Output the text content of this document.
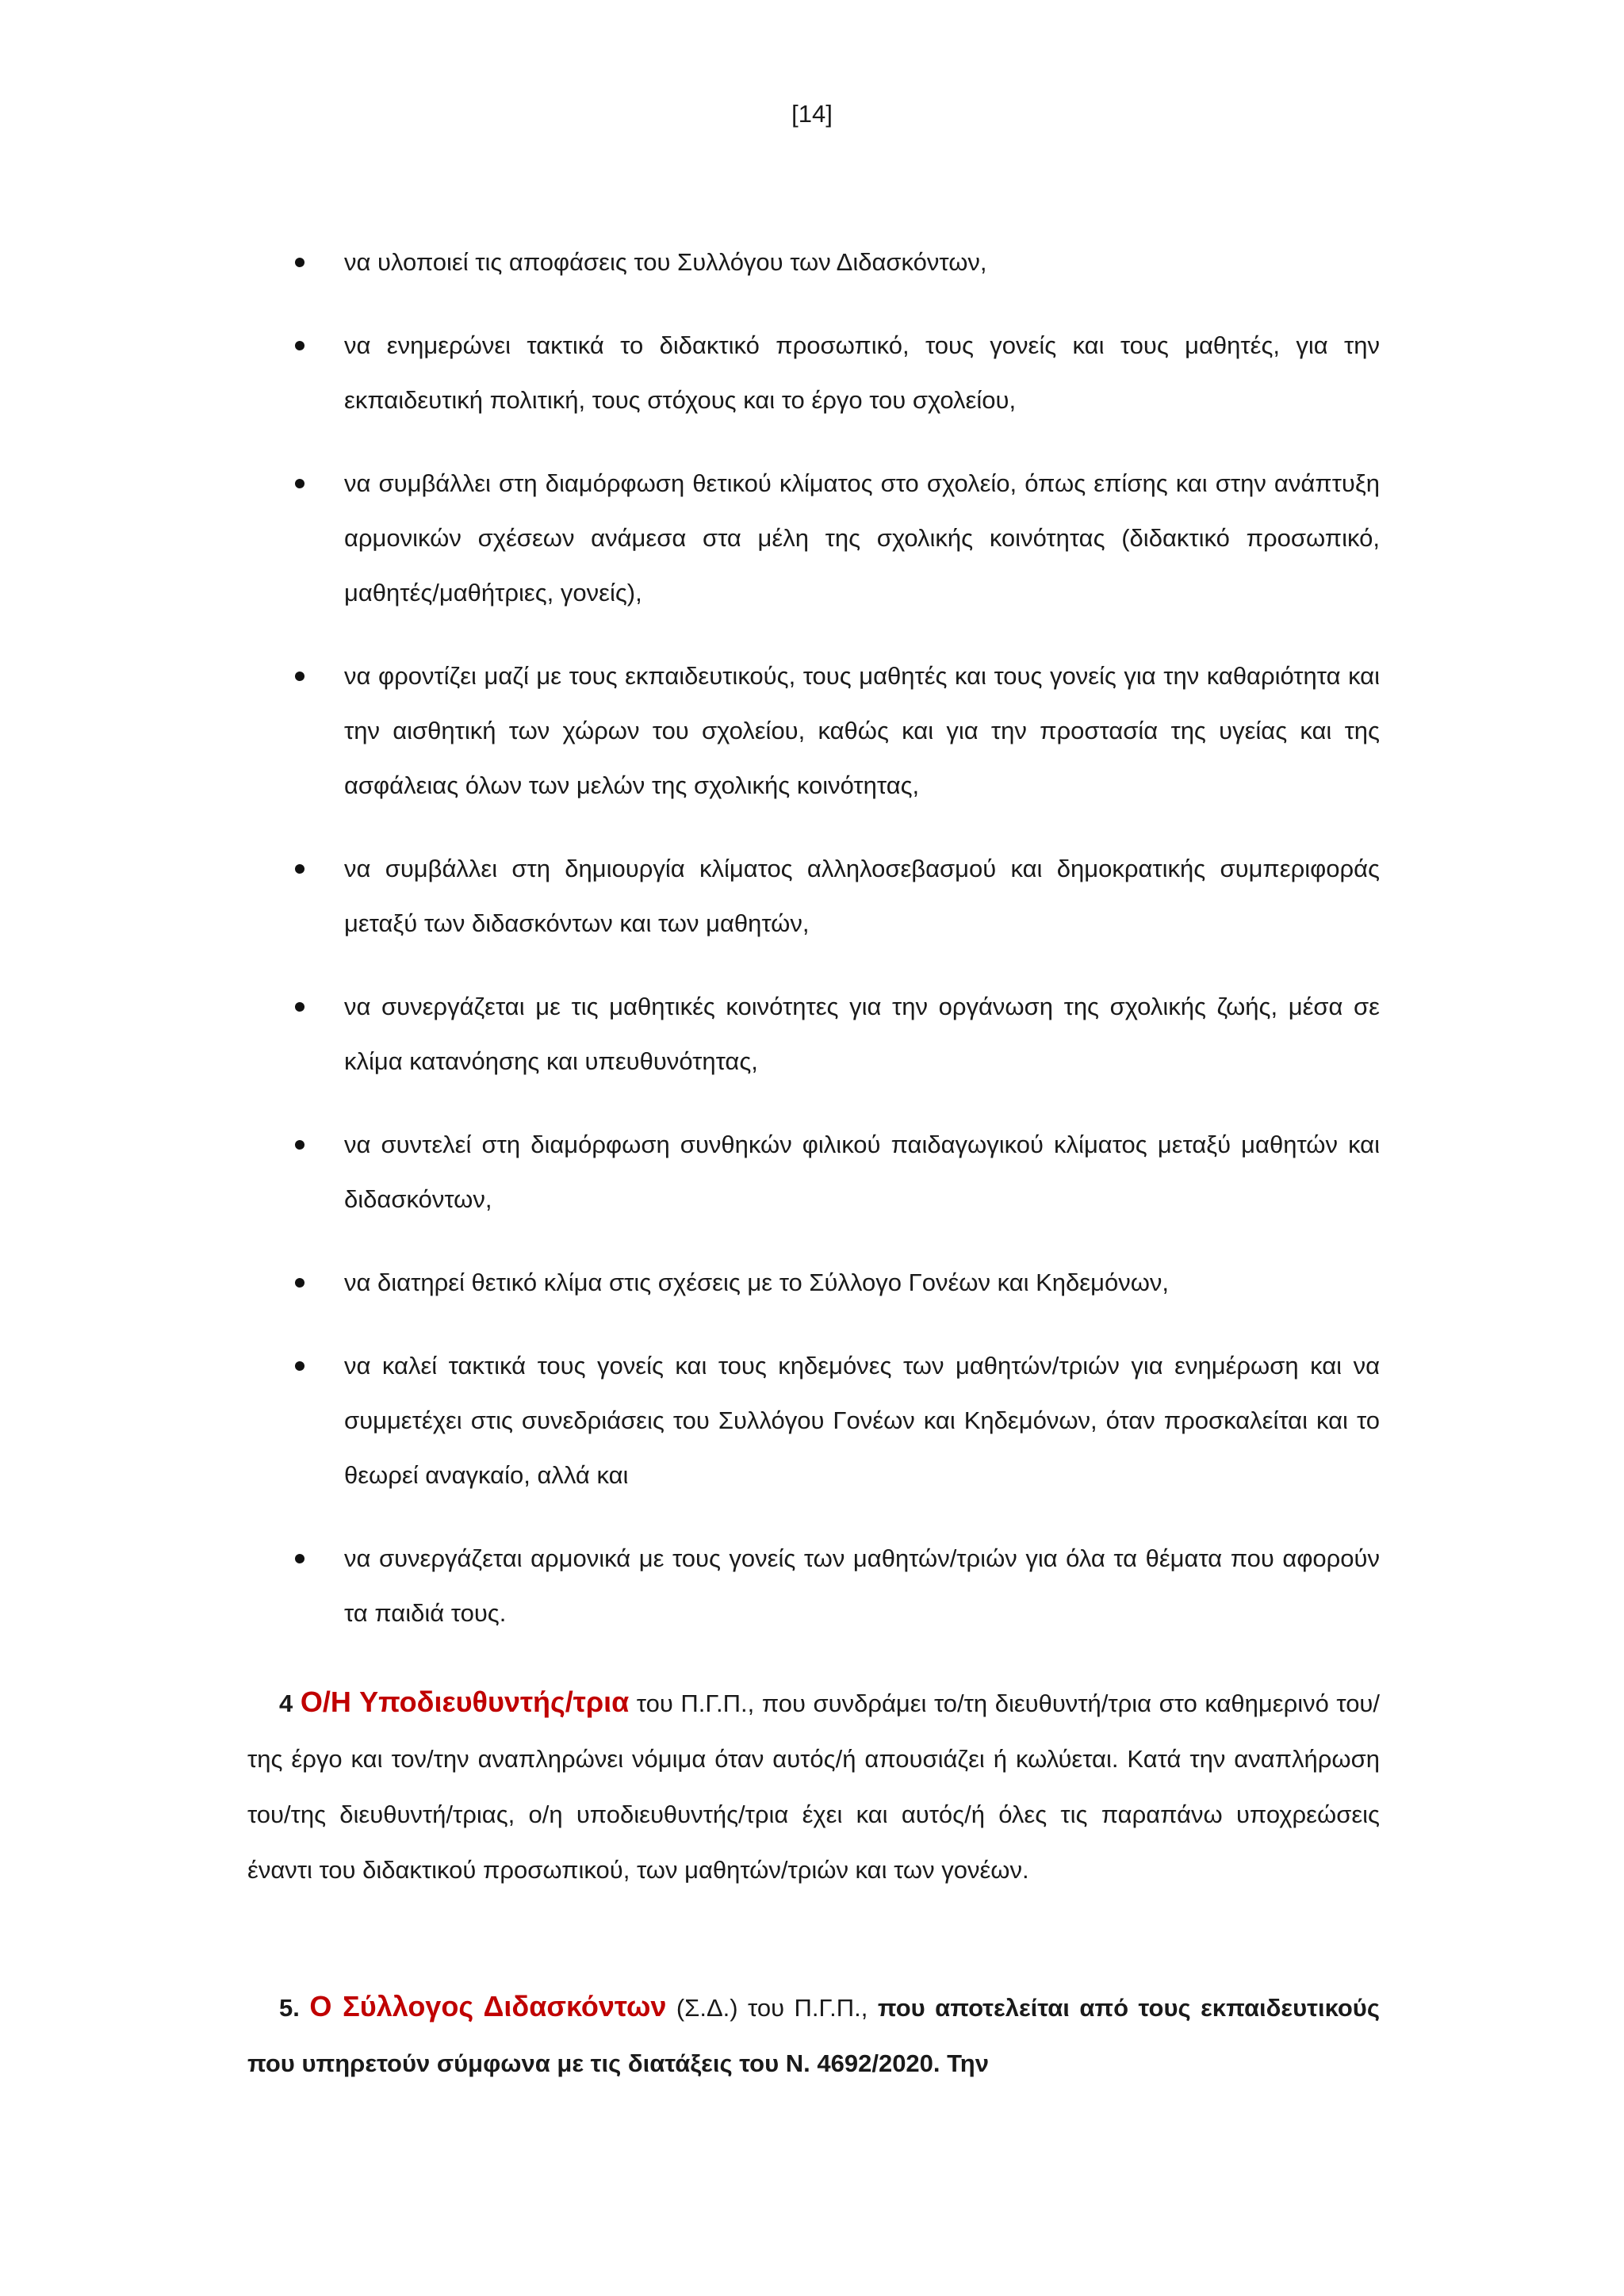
[14]
να υλοποιεί τις αποφάσεις του Συλλόγου των Διδασκόντων,
να ενημερώνει τακτικά το διδακτικό προσωπικό, τους γονείς και τους μαθητές, για την εκπαιδευτική πολιτική, τους στόχους και το έργο του σχολείου,
να συμβάλλει στη διαμόρφωση θετικού κλίματος στο σχολείο, όπως επίσης και στην ανάπτυξη αρμονικών σχέσεων ανάμεσα στα μέλη της σχολικής κοινότητας (διδακτικό προσωπικό, μαθητές/μαθήτριες, γονείς),
να φροντίζει μαζί με τους εκπαιδευτικούς, τους μαθητές και τους γονείς για την καθαριότητα και την αισθητική των χώρων του σχολείου, καθώς και για την προστασία της υγείας και της ασφάλειας όλων των μελών της σχολικής κοινότητας,
να συμβάλλει στη δημιουργία κλίματος αλληλοσεβασμού και δημοκρατικής συμπεριφοράς μεταξύ των διδασκόντων και των μαθητών,
να συνεργάζεται με τις μαθητικές κοινότητες για την οργάνωση της σχολικής ζωής, μέσα σε κλίμα κατανόησης και υπευθυνότητας,
να συντελεί στη διαμόρφωση συνθηκών φιλικού παιδαγωγικού κλίματος μεταξύ μαθητών και διδασκόντων,
να διατηρεί θετικό κλίμα στις σχέσεις με το Σύλλογο Γονέων και Κηδεμόνων,
να καλεί τακτικά τους γονείς και τους κηδεμόνες των μαθητών/τριών για ενημέρωση και να συμμετέχει στις συνεδριάσεις του Συλλόγου Γονέων και Κηδεμόνων, όταν προσκαλείται και το θεωρεί αναγκαίο, αλλά και
να συνεργάζεται αρμονικά με τους γονείς των μαθητών/τριών για όλα τα θέματα που αφορούν τα παιδιά τους.

4 Ο/Η Υποδιευθυντής/τρια του Π.Γ.Π., που συνδράμει το/τη διευθυντή/τρια στο καθημερινό του/της έργο και τον/την αναπληρώνει νόμιμα όταν αυτός/ή απουσιάζει ή κωλύεται. Κατά την αναπλήρωση του/της διευθυντή/τριας, ο/η υποδιευθυντής/τρια έχει και αυτός/ή όλες τις παραπάνω υποχρεώσεις έναντι του διδακτικού προσωπικού, των μαθητών/τριών και των γονέων.

5. Ο Σύλλογος Διδασκόντων (Σ.Δ.) του Π.Γ.Π., που αποτελείται από τους εκπαιδευτικούς που υπηρετούν σύμφωνα με τις διατάξεις του Ν. 4692/2020. Την
